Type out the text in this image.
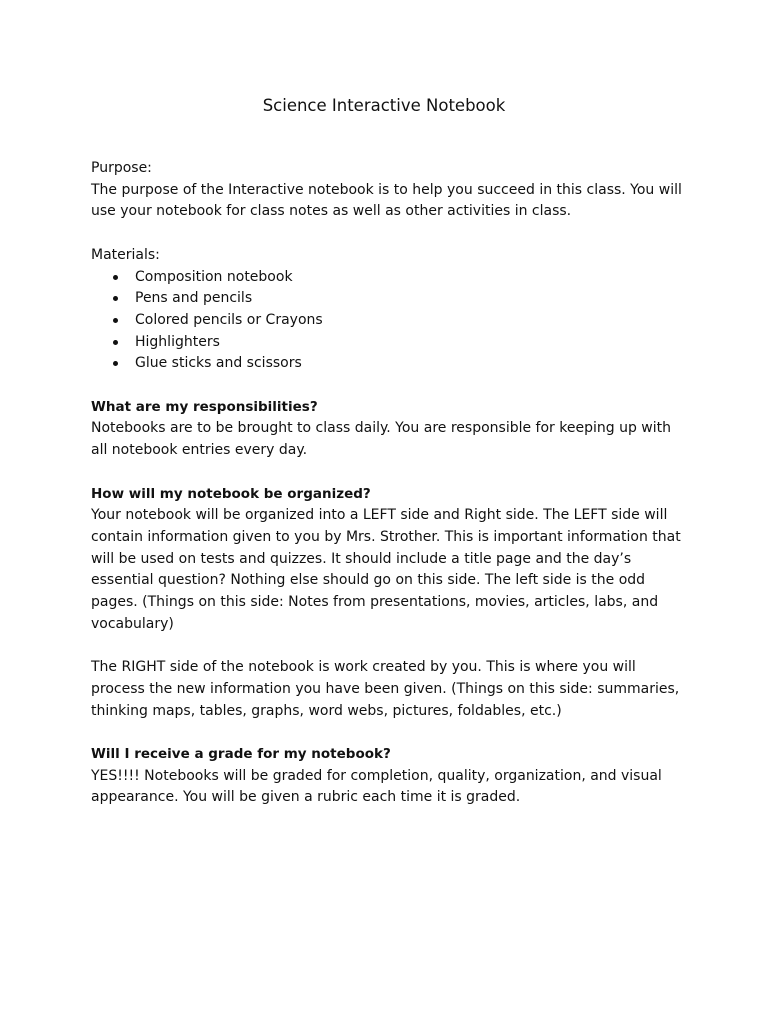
Science Interactive Notebook

Purpose:

The purpose of the Interactive notebook is to help you succeed in this class. You will use your notebook for class notes as well as other activities in class.

Materials:

Composition notebook
Pens and pencils
Colored pencils or Crayons
Highlighters
Glue sticks and scissors

What are my responsibilities?

Notebooks are to be brought to class daily. You are responsible for keeping up with all notebook entries every day.

How will my notebook be organized?

Your notebook will be organized into a LEFT side and Right side. The LEFT side will contain information given to you by Mrs. Strother. This is important information that will be used on tests and quizzes. It should include a title page and the day’s essential question? Nothing else should go on this side. The left side is the odd pages. (Things on this side: Notes from presentations, movies, articles, labs, and vocabulary)

The RIGHT side of the notebook is work created by you. This is where you will process the new information you have been given. (Things on this side: summaries, thinking maps, tables, graphs, word webs, pictures, foldables, etc.)

Will I receive a grade for my notebook?

YES!!!! Notebooks will be graded for completion, quality, organization, and visual appearance. You will be given a rubric each time it is graded.
